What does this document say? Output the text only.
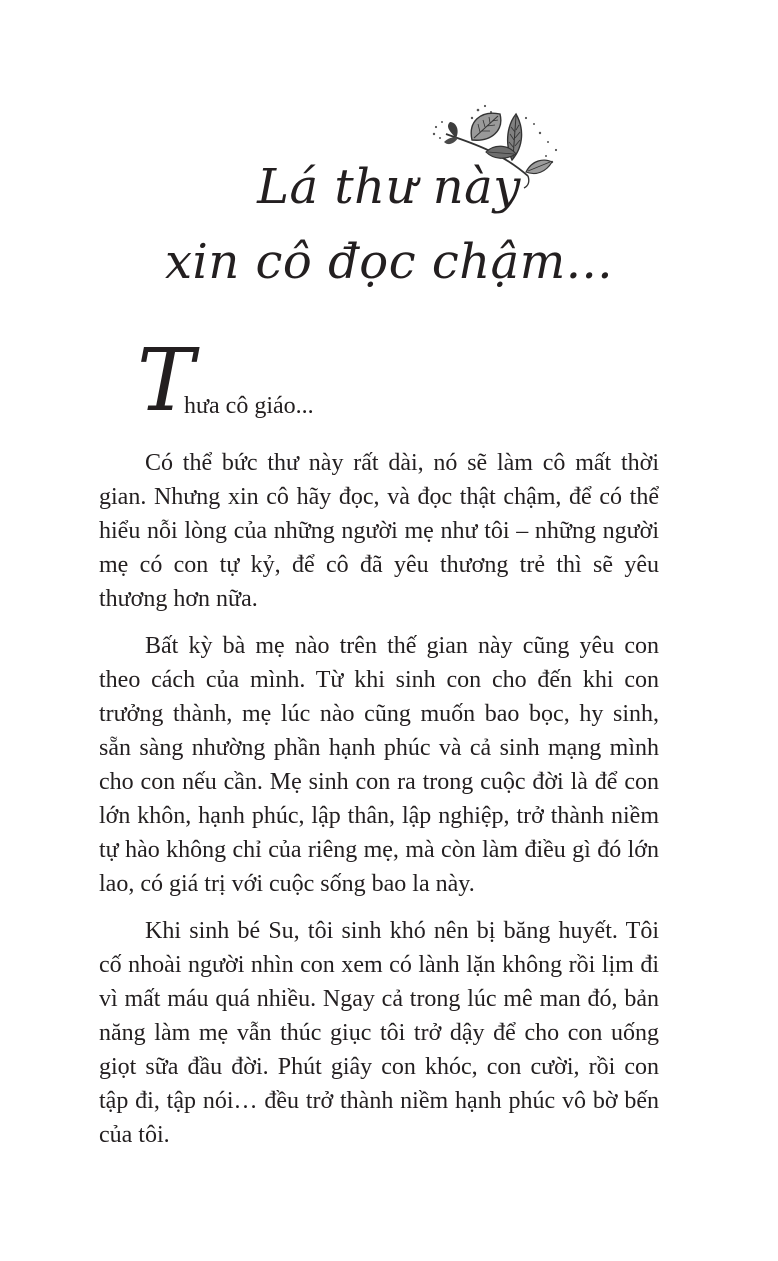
Lá thư này
xin cô đọc chậm...
T
hưa cô giáo...

Có thể bức thư này rất dài, nó sẽ làm cô mất thời gian. Nhưng xin cô hãy đọc, và đọc thật chậm, để có thể hiểu nỗi lòng của những người mẹ như tôi – những người mẹ có con tự kỷ, để cô đã yêu thương trẻ thì sẽ yêu thương hơn nữa.

Bất kỳ bà mẹ nào trên thế gian này cũng yêu con theo cách của mình. Từ khi sinh con cho đến khi con trưởng thành, mẹ lúc nào cũng muốn bao bọc, hy sinh, sẵn sàng nhường phần hạnh phúc và cả sinh mạng mình cho con nếu cần. Mẹ sinh con ra trong cuộc đời là để con lớn khôn, hạnh phúc, lập thân, lập nghiệp, trở thành niềm tự hào không chỉ của riêng mẹ, mà còn làm điều gì đó lớn lao, có giá trị với cuộc sống bao la này.

Khi sinh bé Su, tôi sinh khó nên bị băng huyết. Tôi cố nhoài người nhìn con xem có lành lặn không rồi lịm đi vì mất máu quá nhiều. Ngay cả trong lúc mê man đó, bản năng làm mẹ vẫn thúc giục tôi trở dậy để cho con uống giọt sữa đầu đời. Phút giây con khóc, con cười, rồi con tập đi, tập nói… đều trở thành niềm hạnh phúc vô bờ bến của tôi.
